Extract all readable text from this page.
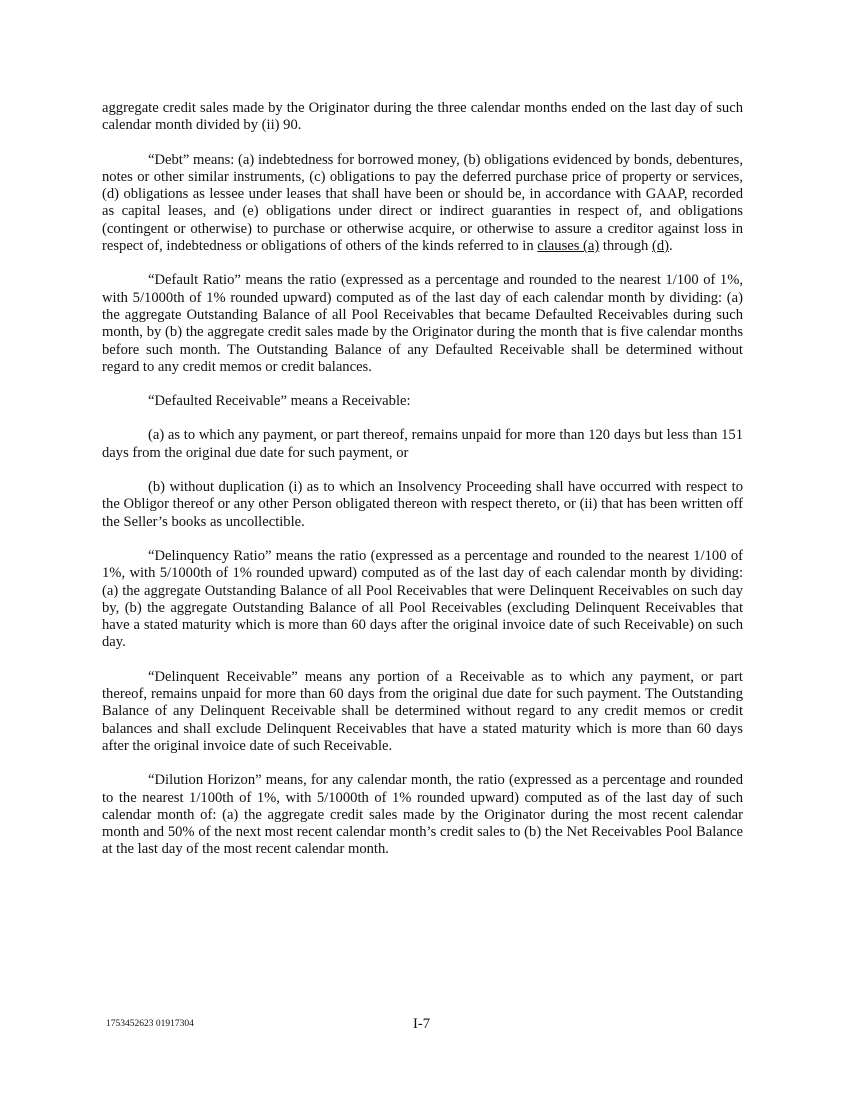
aggregate credit sales made by the Originator during the three calendar months ended on the last day of such calendar month divided by (ii) 90.

“Debt” means: (a) indebtedness for borrowed money, (b) obligations evidenced by bonds, debentures, notes or other similar instruments, (c) obligations to pay the deferred purchase price of property or services, (d) obligations as lessee under leases that shall have been or should be, in accordance with GAAP, recorded as capital leases, and (e) obligations under direct or indirect guaranties in respect of, and obligations (contingent or otherwise) to purchase or otherwise acquire, or otherwise to assure a creditor against loss in respect of, indebtedness or obligations of others of the kinds referred to in clauses (a) through (d).

“Default Ratio” means the ratio (expressed as a percentage and rounded to the nearest 1/100 of 1%, with 5/1000th of 1% rounded upward) computed as of the last day of each calendar month by dividing: (a) the aggregate Outstanding Balance of all Pool Receivables that became Defaulted Receivables during such month, by (b) the aggregate credit sales made by the Originator during the month that is five calendar months before such month. The Outstanding Balance of any Defaulted Receivable shall be determined without regard to any credit memos or credit balances.

“Defaulted Receivable” means a Receivable:

(a) as to which any payment, or part thereof, remains unpaid for more than 120 days but less than 151 days from the original due date for such payment, or

(b) without duplication (i) as to which an Insolvency Proceeding shall have occurred with respect to the Obligor thereof or any other Person obligated thereon with respect thereto, or (ii) that has been written off the Seller’s books as uncollectible.

“Delinquency Ratio” means the ratio (expressed as a percentage and rounded to the nearest 1/100 of 1%, with 5/1000th of 1% rounded upward) computed as of the last day of each calendar month by dividing: (a) the aggregate Outstanding Balance of all Pool Receivables that were Delinquent Receivables on such day by, (b) the aggregate Outstanding Balance of all Pool Receivables (excluding Delinquent Receivables that have a stated maturity which is more than 60 days after the original invoice date of such Receivable) on such day.

“Delinquent Receivable” means any portion of a Receivable as to which any payment, or part thereof, remains unpaid for more than 60 days from the original due date for such payment. The Outstanding Balance of any Delinquent Receivable shall be determined without regard to any credit memos or credit balances and shall exclude Delinquent Receivables that have a stated maturity which is more than 60 days after the original invoice date of such Receivable.

“Dilution Horizon” means, for any calendar month, the ratio (expressed as a percentage and rounded to the nearest 1/100th of 1%, with 5/1000th of 1% rounded upward) computed as of the last day of such calendar month of: (a) the aggregate credit sales made by the Originator during the most recent calendar month and 50% of the next most recent calendar month’s credit sales to (b) the Net Receivables Pool Balance at the last day of the most recent calendar month.

1753452623 01917304	I-7
